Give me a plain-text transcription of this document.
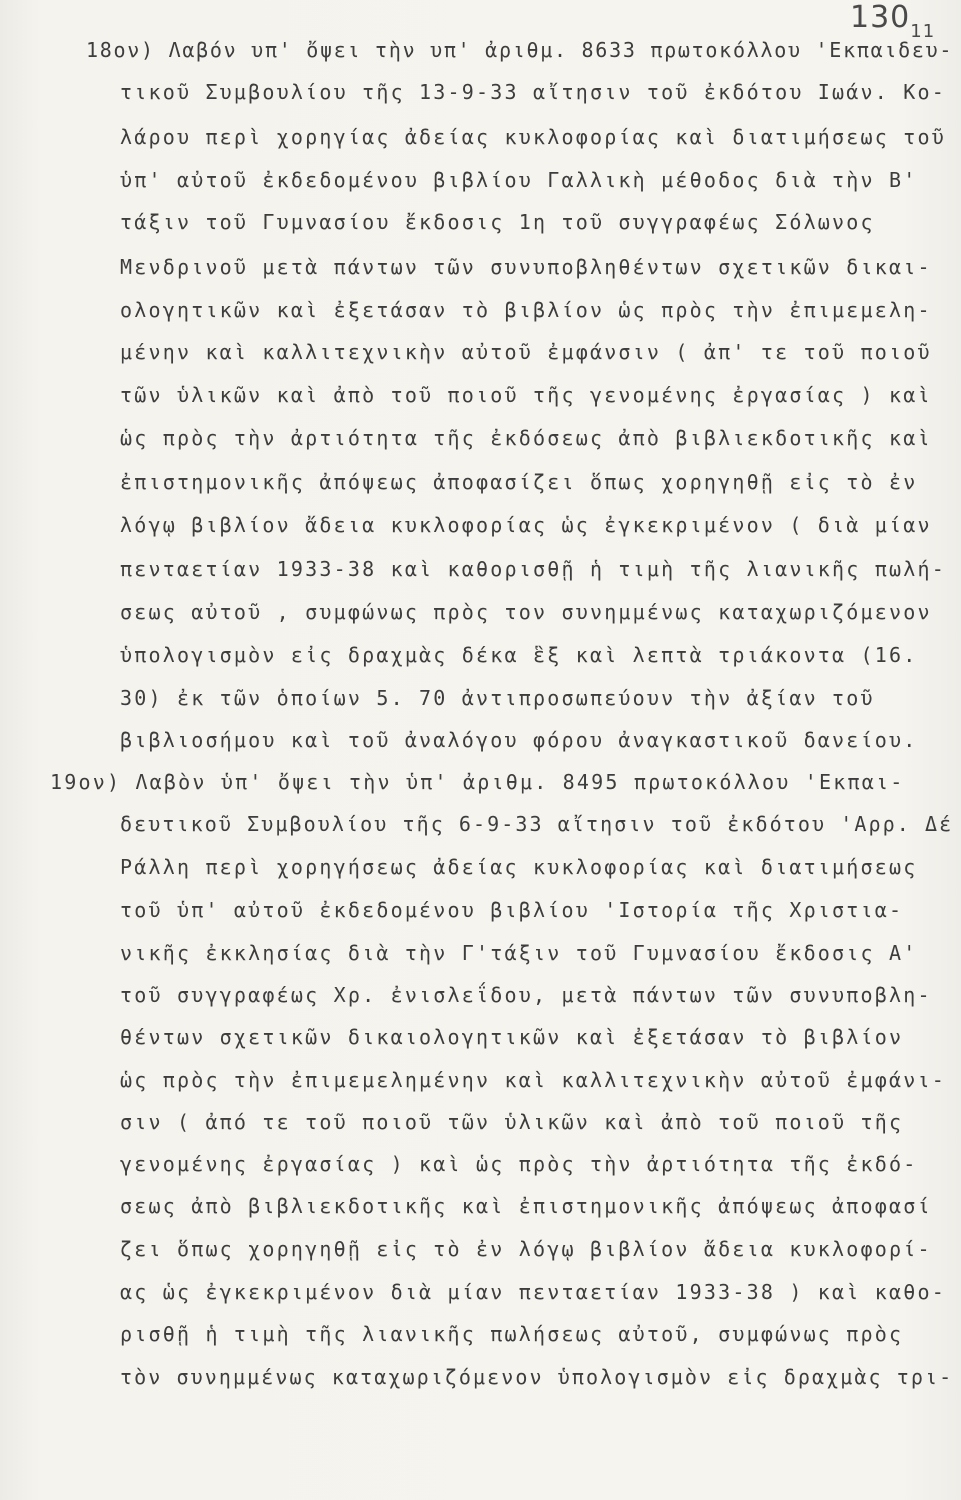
$130_{11}$
18ον) Λαβόν υπ' ὄψει τὴν υπ' ἀριθμ. 8633 πρωτοκόλλου 'Εκπαιδευ-
τικοῦ Συμβουλίου τῆς 13-9-33 αἴτησιν τοῦ ἐκδότου Ιωάν. Κο-
λάρου περὶ χορηγίας ἀδείας κυκλοφορίας καὶ διατιμήσεως τοῦ
ὑπ' αὐτοῦ ἐκδεδομένου βιβλίου Γαλλικὴ μέθοδος διὰ τὴν Β'
τάξιν τοῦ Γυμνασίου ἔκδοσις 1η τοῦ συγγραφέως Σόλωνος
Μενδρινοῦ μετὰ πάντων τῶν συνυποβληθέντων σχετικῶν δικαι-
ολογητικῶν καὶ ἐξετάσαν τὸ βιβλίον ὡς πρὸς τὴν ἐπιμεμελη-
μένην καὶ καλλιτεχνικὴν αὐτοῦ ἐμφάνσιν ( ἀπ' τε τοῦ ποιοῦ
τῶν ὑλικῶν καὶ ἀπὸ τοῦ ποιοῦ τῆς γενομένης ἐργασίας ) καὶ
ὡς πρὸς τὴν ἀρτιότητα τῆς ἐκδόσεως ἀπὸ βιβλιεκδοτικῆς καὶ
ἐπιστημονικῆς ἀπόψεως ἀποφασίζει ὅπως χορηγηθῇ εἰς τὸ ἐν
λόγῳ βιβλίον ἄδεια κυκλοφορίας ὡς ἐγκεκριμένον ( διὰ μίαν
πενταετίαν 1933-38 καὶ καθορισθῇ ἡ τιμὴ τῆς λιανικῆς πωλή-
σεως αὐτοῦ , συμφώνως πρὸς τον συνημμένως καταχωριζόμενον
ὑπολογισμὸν εἰς δραχμὰς δέκα ἓξ καὶ λεπτὰ τριάκοντα (16.
30) ἐκ τῶν ὁποίων 5. 70 ἀντιπροσωπεύουν τὴν ἀξίαν τοῦ
βιβλιοσήμου καὶ τοῦ ἀναλόγου φόρου ἀναγκαστικοῦ δανείου.
19ον) Λαβὸν ὑπ' ὄψει τὴν ὑπ' ἀριθμ. 8495 πρωτοκόλλου 'Εκπαι-
δευτικοῦ Συμβουλίου τῆς 6-9-33 αἴτησιν τοῦ ἐκδότου 'Αρρ. Δέ
Ράλλη περὶ χορηγήσεως ἀδείας κυκλοφορίας καὶ διατιμήσεως
τοῦ ὑπ' αὐτοῦ ἐκδεδομένου βιβλίου 'Ιστορία τῆς Χριστια-
νικῆς ἐκκλησίας διὰ τὴν Γ'τάξιν τοῦ Γυμνασίου ἔκδοσις Α'
τοῦ συγγραφέως Χρ. ἐνισλεΐδου, μετὰ πάντων τῶν συνυποβλη-
θέντων σχετικῶν δικαιολογητικῶν καὶ ἐξετάσαν τὸ βιβλίον
ὡς πρὸς τὴν ἐπιμεμελημένην καὶ καλλιτεχνικὴν αὐτοῦ ἐμφάνι-
σιν ( ἀπό τε τοῦ ποιοῦ τῶν ὑλικῶν καὶ ἀπὸ τοῦ ποιοῦ τῆς
γενομένης ἐργασίας ) καὶ ὡς πρὸς τὴν ἀρτιότητα τῆς ἐκδό-
σεως ἀπὸ βιβλιεκδοτικῆς καὶ ἐπιστημονικῆς ἀπόψεως ἀποφασί
ζει ὅπως χορηγηθῇ εἰς τὸ ἐν λόγῳ βιβλίον ἄδεια κυκλοφορί-
ας ὡς ἐγκεκριμένον διὰ μίαν πενταετίαν 1933-38 ) καὶ καθο-
ρισθῇ ἡ τιμὴ τῆς λιανικῆς πωλήσεως αὐτοῦ, συμφώνως πρὸς
τὸν συνημμένως καταχωριζόμενον ὑπολογισμὸν εἰς δραχμὰς τρι-
